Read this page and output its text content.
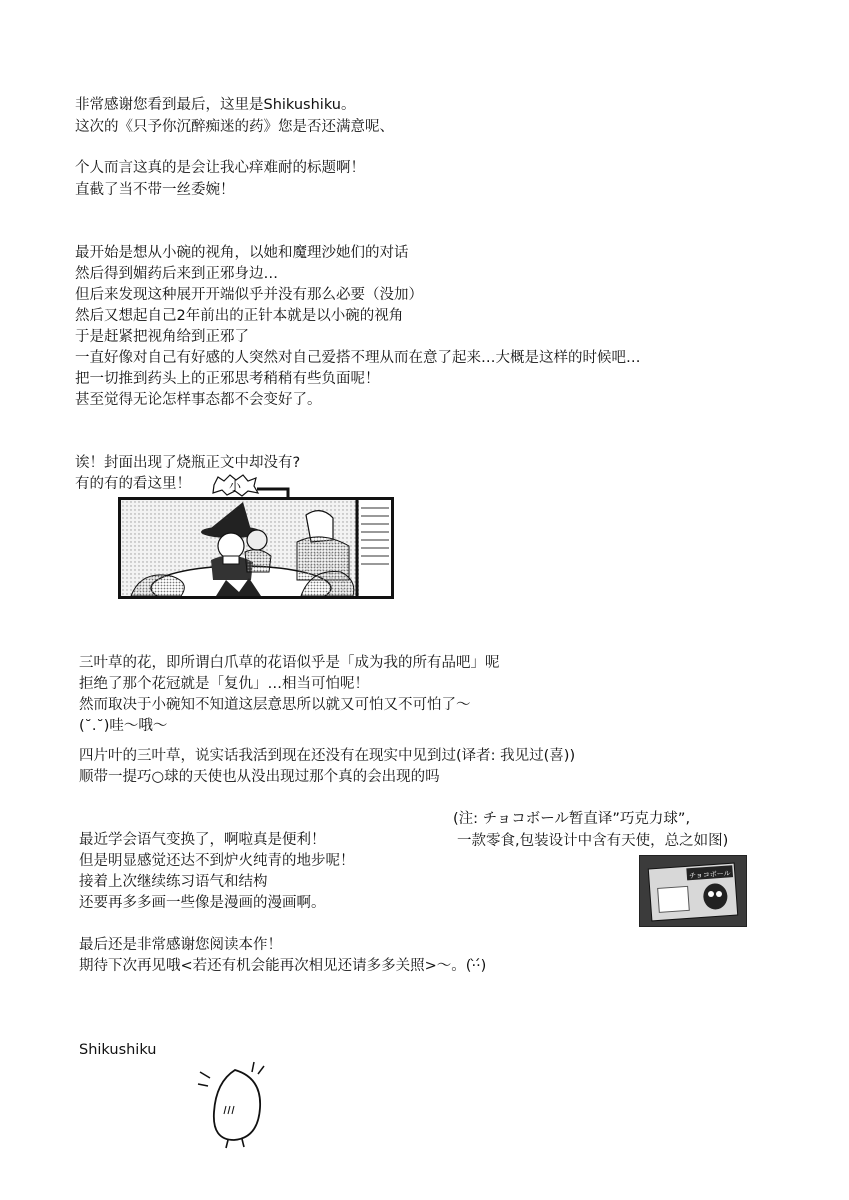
非常感谢您看到最后，这里是Shikushiku。
这次的《只予你沉醉痴迷的药》您是否还满意呢、
个人而言这真的是会让我心痒难耐的标题啊！
直截了当不带一丝委婉！
最开始是想从小碗的视角，以她和魔理沙她们的对话
然后得到媚药后来到正邪身边…
但后来发现这种展开开端似乎并没有那么必要（没加）
然后又想起自己2年前出的正针本就是以小碗的视角
于是赶紧把视角给到正邪了
一直好像对自己有好感的人突然对自己爱搭不理从而在意了起来…大概是这样的时候吧…
把一切推到药头上的正邪思考稍稍有些负面呢！
甚至觉得无论怎样事态都不会变好了。
诶！封面出现了烧瓶正文中却没有?
有的有的看这里！	小
三叶草的花，即所谓白爪草的花语似乎是「成为我的所有品吧」呢
拒绝了那个花冠就是「复仇」…相当可怕呢！
然而取决于小碗知不知道这层意思所以就又可怕又不可怕了～
(˘.˘)哇～哦～
四片叶的三叶草，说实话我活到现在还没有在现实中见到过(译者: 我见过(喜))
顺带一提巧○球的天使也从没出现过那个真的会出现的吗
(注: チョコボール暂直译”巧克力球”,
一款零食,包装设计中含有天使，总之如图)
チョコボール
最近学会语气变换了，啊啦真是便利！
但是明显感觉还达不到炉火纯青的地步呢！
接着上次继续练习语气和结构
还要再多多画一些像是漫画的漫画啊。
最后还是非常感谢您阅读本作！
期待下次再见哦<若还有机会能再次相见还请多多关照>～。(·̀·́)
Shikushiku
